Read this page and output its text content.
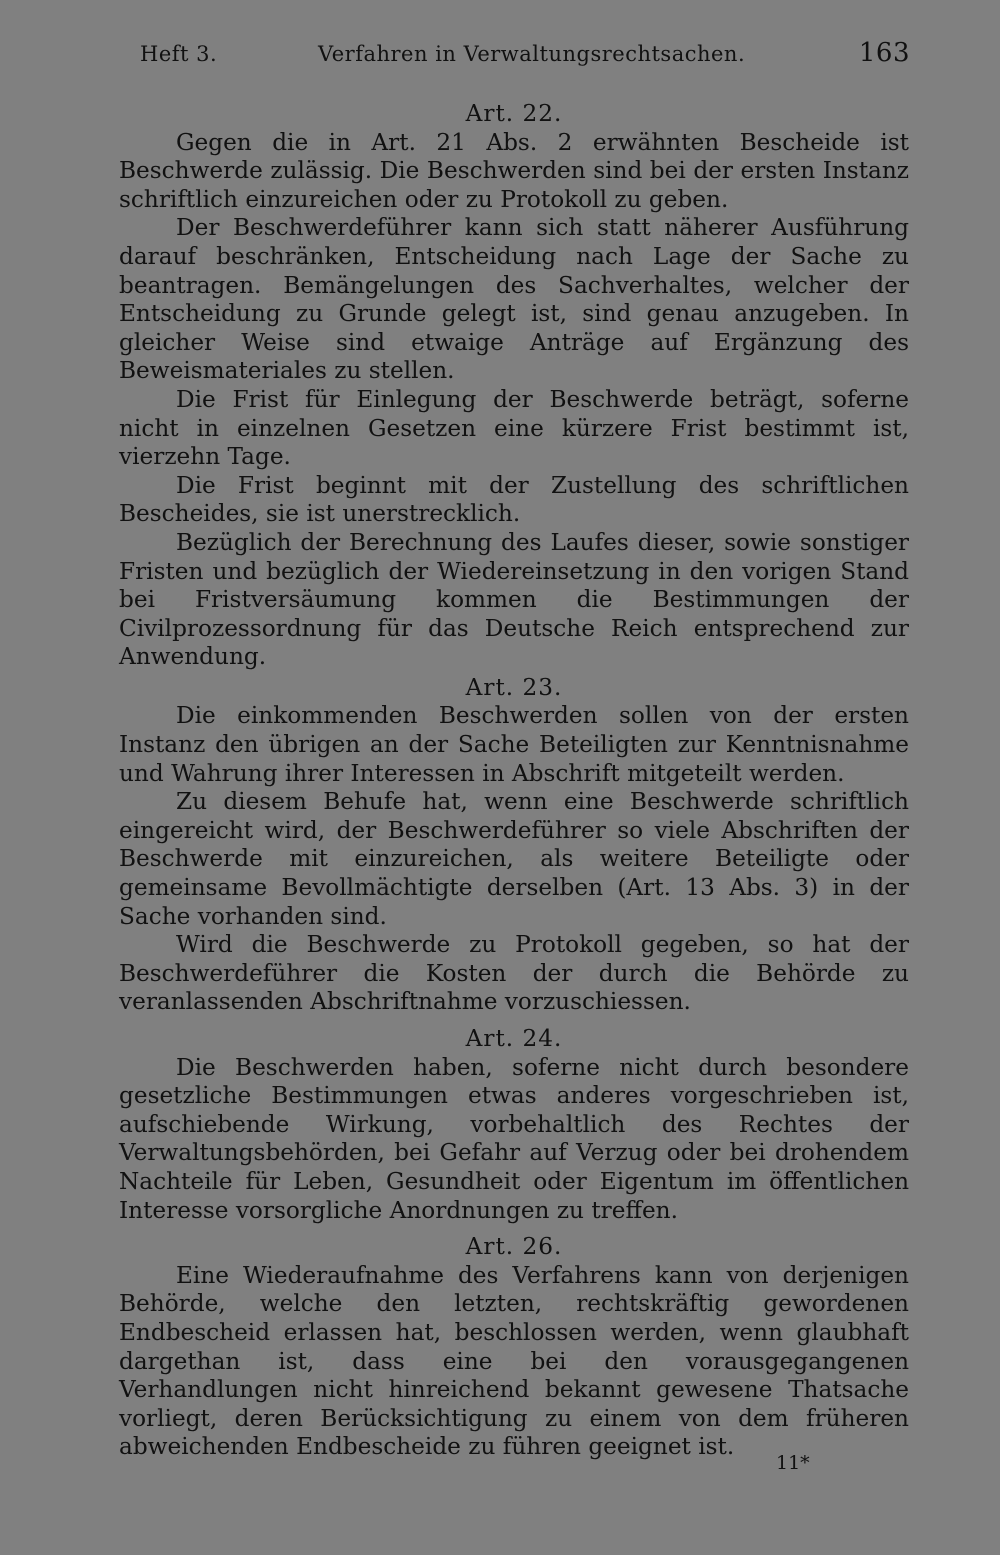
Heft 3.	Verfahren in Verwaltungsrechtsachen.	163
Art. 22.

Gegen die in Art. 21 Abs. 2 erwähnten Bescheide ist Beschwerde zulässig. Die Beschwerden sind bei der ersten Instanz schriftlich einzureichen oder zu Protokoll zu geben.

Der Beschwerdeführer kann sich statt näherer Ausführung darauf beschränken, Entscheidung nach Lage der Sache zu beantragen. Bemängelungen des Sachverhaltes, welcher der Entscheidung zu Grunde gelegt ist, sind genau anzugeben. In gleicher Weise sind etwaige Anträge auf Ergänzung des Beweismateriales zu stellen.

Die Frist für Einlegung der Beschwerde beträgt, soferne nicht in einzelnen Gesetzen eine kürzere Frist bestimmt ist, vierzehn Tage.

Die Frist beginnt mit der Zustellung des schriftlichen Bescheides, sie ist unerstrecklich.

Bezüglich der Berechnung des Laufes dieser, sowie sonstiger Fristen und bezüglich der Wiedereinsetzung in den vorigen Stand bei Fristversäumung kommen die Bestimmungen der Civilprozessordnung für das Deutsche Reich entsprechend zur Anwendung.

Art. 23.

Die einkommenden Beschwerden sollen von der ersten Instanz den übrigen an der Sache Beteiligten zur Kenntnisnahme und Wahrung ihrer Interessen in Abschrift mitgeteilt werden.

Zu diesem Behufe hat, wenn eine Beschwerde schriftlich eingereicht wird, der Beschwerdeführer so viele Abschriften der Beschwerde mit einzureichen, als weitere Beteiligte oder gemeinsame Bevollmächtigte derselben (Art. 13 Abs. 3) in der Sache vorhanden sind.

Wird die Beschwerde zu Protokoll gegeben, so hat der Beschwerdeführer die Kosten der durch die Behörde zu veranlassenden Abschriftnahme vorzuschiessen.

Art. 24.

Die Beschwerden haben, soferne nicht durch besondere gesetzliche Bestimmungen etwas anderes vorgeschrieben ist, aufschiebende Wirkung, vorbehaltlich des Rechtes der Verwaltungsbehörden, bei Gefahr auf Verzug oder bei drohendem Nachteile für Leben, Gesundheit oder Eigentum im öffentlichen Interesse vorsorgliche Anordnungen zu treffen.

Art. 26.

Eine Wiederaufnahme des Verfahrens kann von derjenigen Behörde, welche den letzten, rechtskräftig gewordenen Endbescheid erlassen hat, beschlossen werden, wenn glaubhaft dargethan ist, dass eine bei den vorausgegangenen Verhandlungen nicht hinreichend bekannt gewesene Thatsache vorliegt, deren Berücksichtigung zu einem von dem früheren abweichenden Endbescheide zu führen geeignet ist.

11*
